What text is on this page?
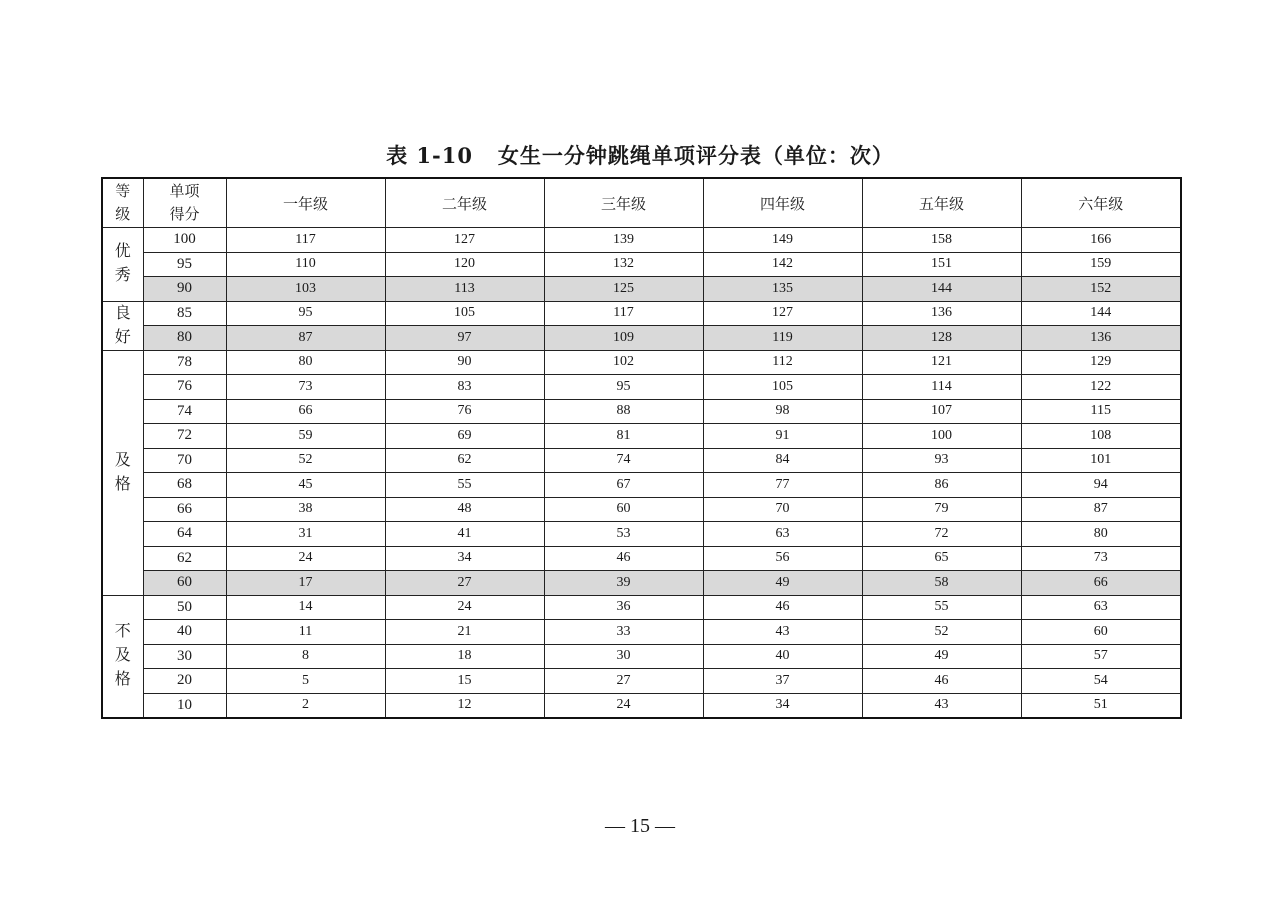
表 1-10   女生一分钟跳绳单项评分表（单位：次）
等
级	单项
得分	一年级	二年级	三年级	四年级	五年级	六年级
优
秀	100	117	127	139	149	158	166
	95	110	120	132	142	151	159
	90	103	113	125	135	144	152
良
好	85	95	105	117	127	136	144
	80	87	97	109	119	128	136
及
格	78	80	90	102	112	121	129
	76	73	83	95	105	114	122
	74	66	76	88	98	107	115
	72	59	69	81	91	100	108
	70	52	62	74	84	93	101
	68	45	55	67	77	86	94
	66	38	48	60	70	79	87
	64	31	41	53	63	72	80
	62	24	34	46	56	65	73
	60	17	27	39	49	58	66
不
及
格	50	14	24	36	46	55	63
	40	11	21	33	43	52	60
	30	8	18	30	40	49	57
	20	5	15	27	37	46	54
	10	2	12	24	34	43	51
— 15 —
